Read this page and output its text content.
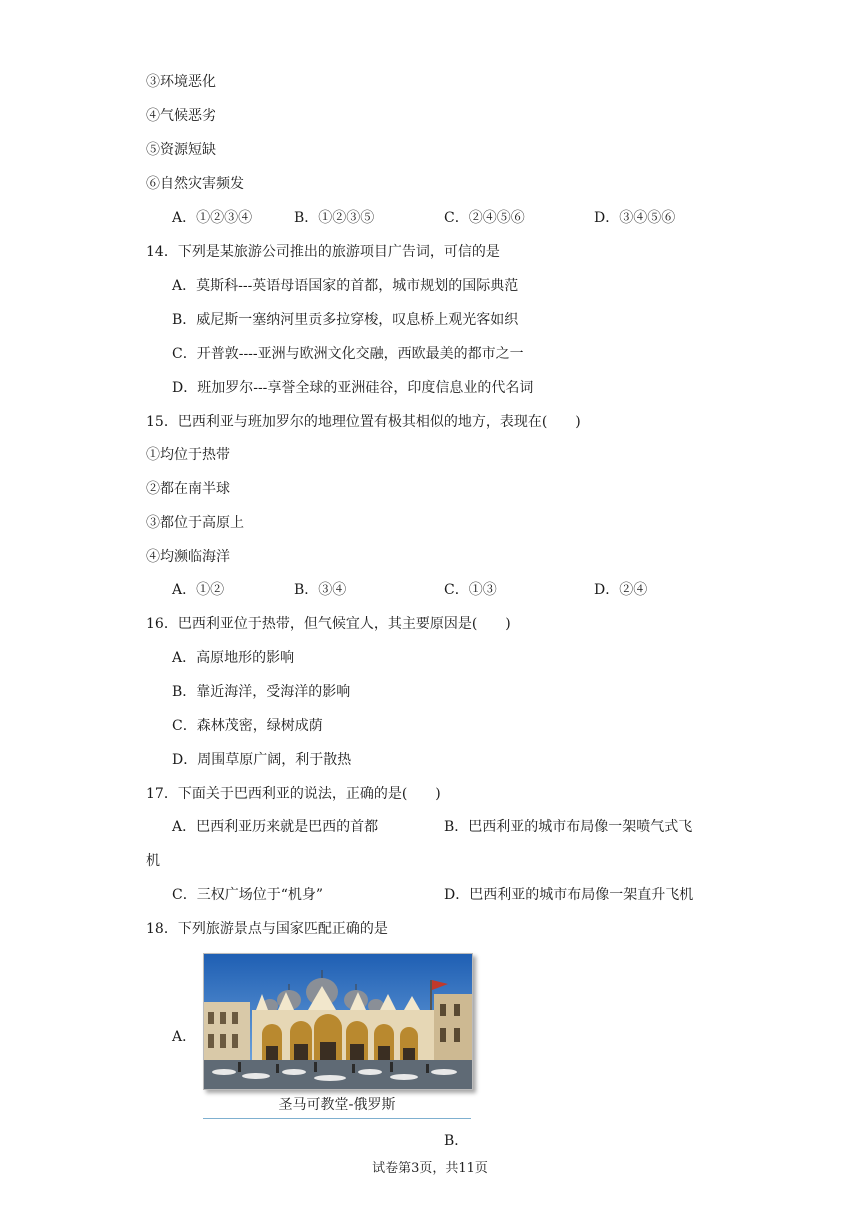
③环境恶化
④气候恶劣
⑤资源短缺
⑥自然灾害频发
A．①②③④	B．①②③⑤	C．②④⑤⑥	D．③④⑤⑥
14．下列是某旅游公司推出的旅游项目广告词，可信的是
A．莫斯科---英语母语国家的首都，城市规划的国际典范
B．威尼斯一塞纳河里贡多拉穿梭，叹息桥上观光客如织
C．开普敦----亚洲与欧洲文化交融，西欧最美的都市之一
D．班加罗尔---享誉全球的亚洲硅谷，印度信息业的代名词
15．巴西利亚与班加罗尔的地理位置有极其相似的地方，表现在(　　)
①均位于热带
②都在南半球
③都位于高原上
④均濒临海洋
A．①②	B．③④	C．①③	D．②④
16．巴西利亚位于热带，但气候宜人，其主要原因是(　　)
A．高原地形的影响
B．靠近海洋，受海洋的影响
C．森林茂密，绿树成荫
D．周围草原广阔，利于散热
17．下面关于巴西利亚的说法，正确的是(　　)
A．巴西利亚历来就是巴西的首都	B．巴西利亚的城市布局像一架喷气式飞
机
C．三权广场位于“机身”	D．巴西利亚的城市布局像一架直升飞机
18．下列旅游景点与国家匹配正确的是
A．
圣马可教堂-俄罗斯
B．
试卷第3页，共11页
